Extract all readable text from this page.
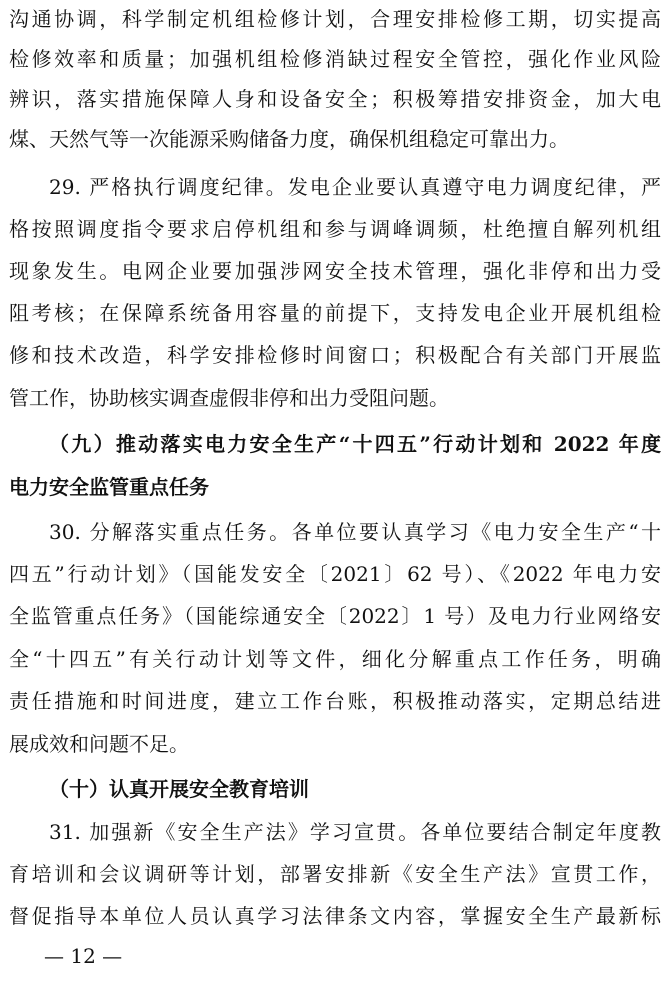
沟通协调，科学制定机组检修计划，合理安排检修工期，切实提高
检修效率和质量；加强机组检修消缺过程安全管控，强化作业风险
辨识，落实措施保障人身和设备安全；积极筹措安排资金，加大电
煤、天然气等一次能源采购储备力度，确保机组稳定可靠出力。
29. 严格执行调度纪律。发电企业要认真遵守电力调度纪律，严
格按照调度指令要求启停机组和参与调峰调频，杜绝擅自解列机组
现象发生。电网企业要加强涉网安全技术管理，强化非停和出力受
阻考核；在保障系统备用容量的前提下，支持发电企业开展机组检
修和技术改造，科学安排检修时间窗口；积极配合有关部门开展监
管工作，协助核实调查虚假非停和出力受阻问题。
（九）推动落实电力安全生产“十四五”行动计划和 2022 年度
电力安全监管重点任务
30. 分解落实重点任务。各单位要认真学习《电力安全生产“十
四五”行动计划》（国能发安全〔2021〕62 号）、《2022 年电力安
全监管重点任务》（国能综通安全〔2022〕1 号）及电力行业网络安
全“十四五”有关行动计划等文件，细化分解重点工作任务，明确
责任措施和时间进度，建立工作台账，积极推动落实，定期总结进
展成效和问题不足。
（十）认真开展安全教育培训
31. 加强新《安全生产法》学习宣贯。各单位要结合制定年度教
育培训和会议调研等计划，部署安排新《安全生产法》宣贯工作，
督促指导本单位人员认真学习法律条文内容，掌握安全生产最新标
— 12 —
